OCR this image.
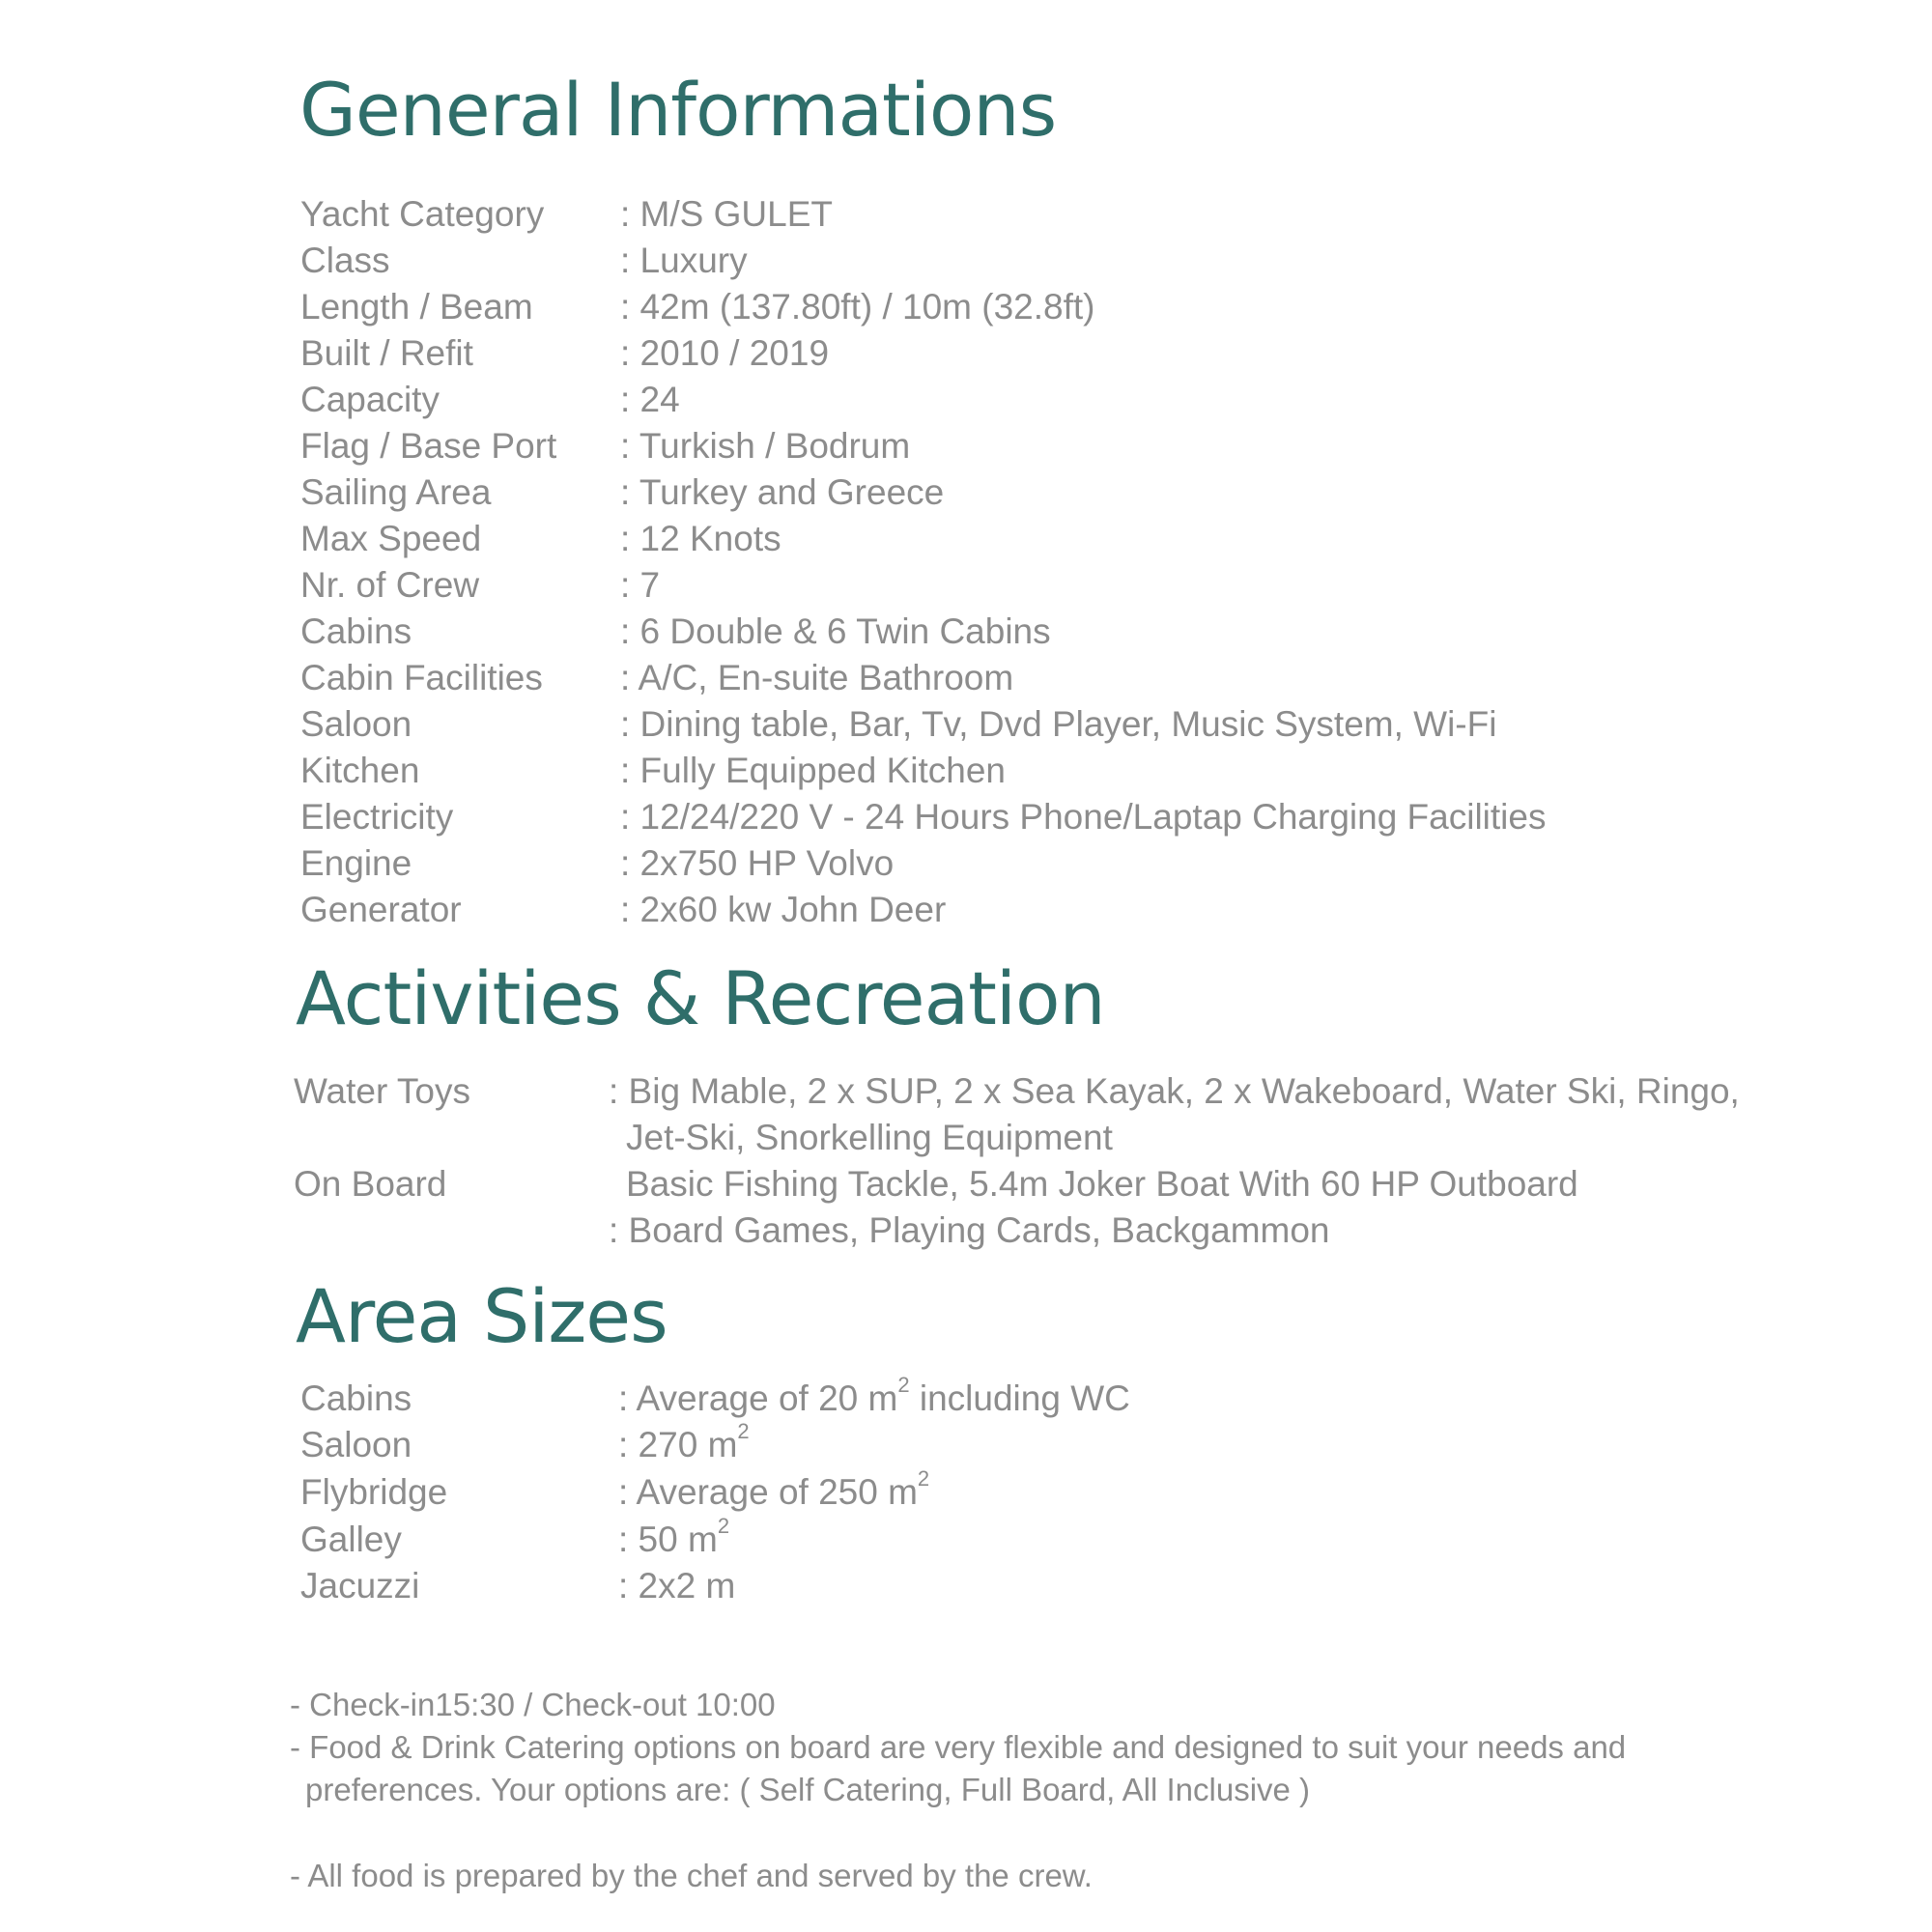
General Informations
Yacht Category : M/S GULET
Class	: Luxury
Length / Beam : 42m (137.80ft) / 10m (32.8ft)
Built / Refit	: 2010 / 2019
Capacity	: 24
Flag / Base Port : Turkish / Bodrum
Sailing Area	: Turkey and Greece
Max Speed	: 12 Knots
Nr. of Crew	: 7
Cabins	: 6 Double & 6 Twin Cabins
Cabin Facilities : A/C, En-suite Bathroom
Saloon	: Dining table, Bar, Tv, Dvd Player, Music System, Wi-Fi
Kitchen	: Fully Equipped Kitchen
Electricity	: 12/24/220 V - 24 Hours Phone/Laptap Charging Facilities
Engine	: 2x750 HP Volvo
Generator	: 2x60 kw John Deer
Activities & Recreation
Water Toys	: Big Mable, 2 x SUP, 2 x Sea Kayak, 2 x Wakeboard, Water Ski, Ringo,
Jet-Ski, Snorkelling Equipment
On Board	Basic Fishing Tackle, 5.4m Joker Boat With 60 HP Outboard
: Board Games, Playing Cards, Backgammon
Area Sizes
Cabins	: Average of 20 $m^2$ including WC
Saloon	: 270 $m^2$
Flybridge	: Average of 250 $m^2$
Galley	: 50 $m^2$
Jacuzzi	: 2x2 m
- Check-in15:30 / Check-out 10:00
- Food & Drink Catering options on board are very flexible and designed to suit your needs and
preferences. Your options are: ( Self Catering, Full Board, All Inclusive )
- All food is prepared by the chef and served by the crew.
